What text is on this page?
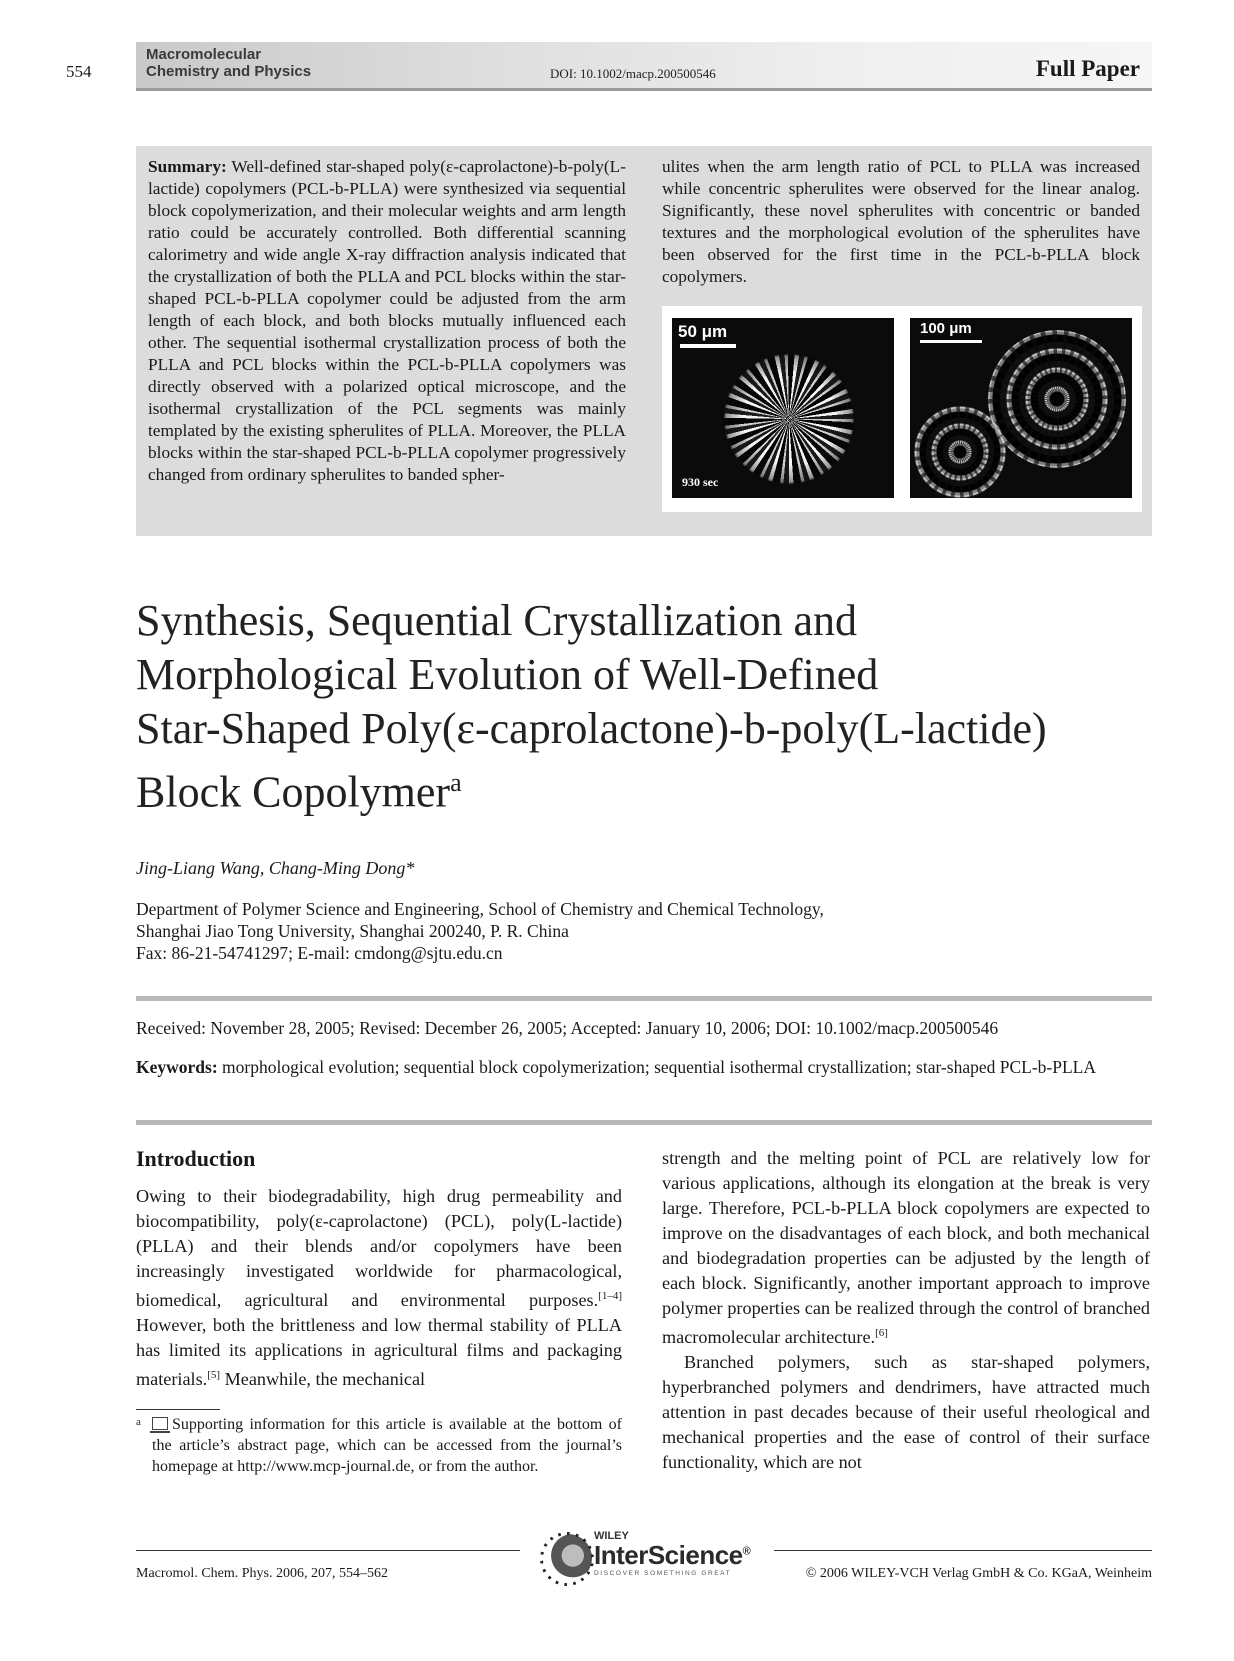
554
Macromolecular
Chemistry and Physics	DOI: 10.1002/macp.200500546	Full Paper
Summary: Well-defined star-shaped poly(ε-caprolactone)-b-poly(L-lactide) copolymers (PCL-b-PLLA) were synthesized via sequential block copolymerization, and their molecular weights and arm length ratio could be accurately controlled. Both differential scanning calorimetry and wide angle X-ray diffraction analysis indicated that the crystallization of both the PLLA and PCL blocks within the star-shaped PCL-b-PLLA copolymer could be adjusted from the arm length of each block, and both blocks mutually influenced each other. The sequential isothermal crystallization process of both the PLLA and PCL blocks within the PCL-b-PLLA copolymers was directly observed with a polarized optical microscope, and the isothermal crystallization of the PCL segments was mainly templated by the existing spherulites of PLLA. Moreover, the PLLA blocks within the star-shaped PCL-b-PLLA copolymer progressively changed from ordinary spherulites to banded spher-
ulites when the arm length ratio of PCL to PLLA was increased while concentric spherulites were observed for the linear analog. Significantly, these novel spherulites with concentric or banded textures and the morphological evolution of the spherulites have been observed for the first time in the PCL-b-PLLA block copolymers.
50 μm
930 sec
100 μm
Synthesis, Sequential Crystallization and
Morphological Evolution of Well-Defined
Star-Shaped Poly(ε-caprolactone)-b-poly(L-lactide)
Block Copolymer$^a$
Jing-Liang Wang, Chang-Ming Dong*
Department of Polymer Science and Engineering, School of Chemistry and Chemical Technology,
Shanghai Jiao Tong University, Shanghai 200240, P. R. China
Fax: 86-21-54741297; E-mail: cmdong@sjtu.edu.cn
Received: November 28, 2005; Revised: December 26, 2005; Accepted: January 10, 2006; DOI: 10.1002/macp.200500546
Keywords: morphological evolution; sequential block copolymerization; sequential isothermal crystallization; star-shaped PCL-b-PLLA
Introduction

Owing to their biodegradability, high drug permeability and biocompatibility, poly(ε-caprolactone) (PCL), poly(L-lactide) (PLLA) and their blends and/or copolymers have been increasingly investigated worldwide for pharmacological, biomedical, agricultural and environmental purposes.[1–4] However, both the brittleness and low thermal stability of PLLA has limited its applications in agricultural films and packaging materials.[5] Meanwhile, the mechanical

strength and the melting point of PCL are relatively low for various applications, although its elongation at the break is very large. Therefore, PCL-b-PLLA block copolymers are expected to improve on the disadvantages of each block, and both mechanical and biodegradation properties can be adjusted by the length of each block. Significantly, another important approach to improve polymer properties can be realized through the control of branched macromolecular architecture.[6]

Branched polymers, such as star-shaped polymers, hyperbranched polymers and dendrimers, have attracted much attention in past decades because of their useful rheological and mechanical properties and the ease of control of their surface functionality, which are not

a	Supporting information for this article is available at the bottom of the article’s abstract page, which can be accessed from the journal’s homepage at http://www.mcp-journal.de, or from the author.
Macromol. Chem. Phys. 2006, 207, 554–562
WILEY
InterScience®
DISCOVER SOMETHING GREAT	© 2006 WILEY-VCH Verlag GmbH & Co. KGaA, Weinheim
